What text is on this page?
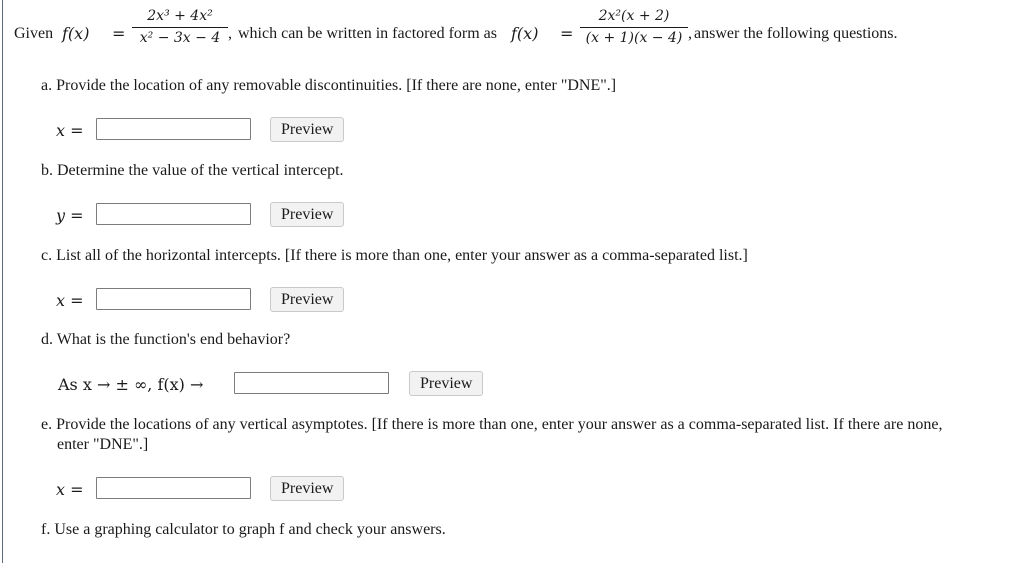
Given f(x) =
2x³ + 4x²
x² − 3x − 4 , which can be written in factored form as f(x) =
2x²(x + 2)
(x + 1)(x − 4) , answer the following questions.
a. Provide the location of any removable discontinuities. [If there are none, enter "DNE".]
x =	Preview
b. Determine the value of the vertical intercept.
y =	Preview
c. List all of the horizontal intercepts. [If there is more than one, enter your answer as a comma-separated list.]
x =	Preview
d. What is the function's end behavior?
As x → ± ∞, f(x) →	Preview
e. Provide the locations of any vertical asymptotes. [If there is more than one, enter your answer as a comma-separated list. If there are none,
enter "DNE".]
x =	Preview
f. Use a graphing calculator to graph f and check your answers.
